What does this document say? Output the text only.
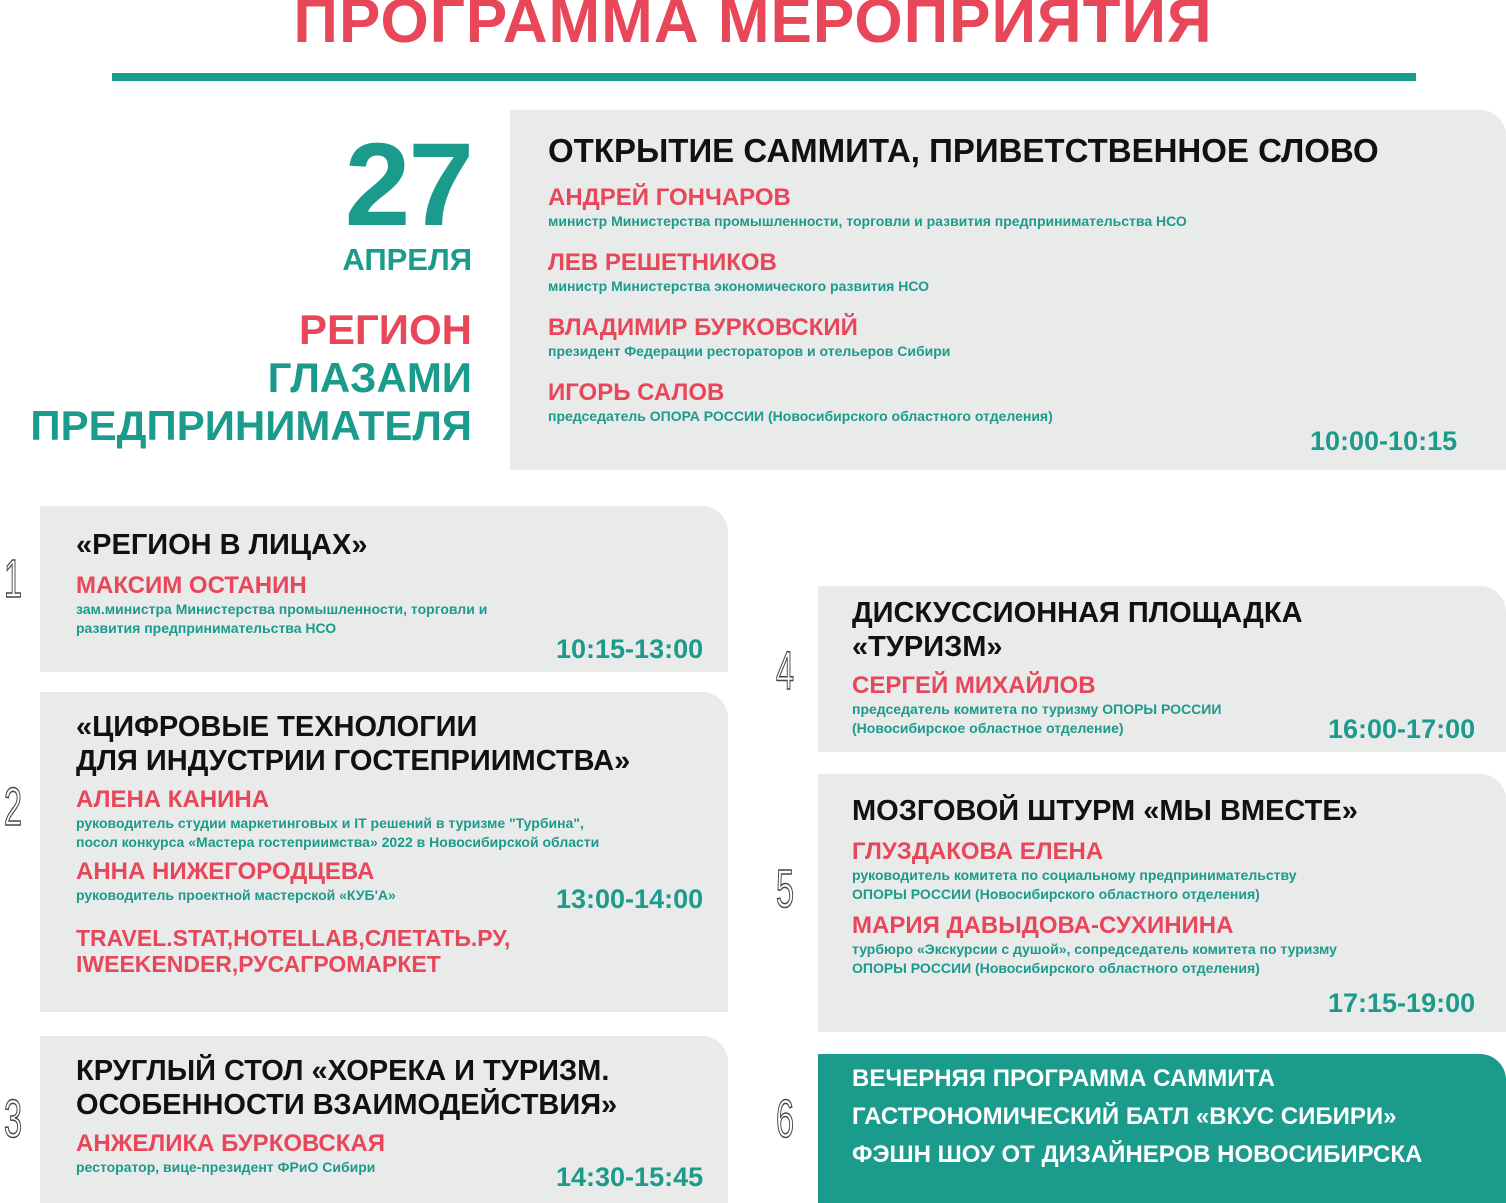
ПРОГРАММА МЕРОПРИЯТИЯ
27
АПРЕЛЯ
РЕГИОН
ГЛАЗАМИ
ПРЕДПРИНИМАТЕЛЯ
ОТКРЫТИЕ САММИТА, ПРИВЕТСТВЕННОЕ СЛОВО
АНДРЕЙ ГОНЧАРОВ
министр Министерства промышленности, торговли и развития предпринимательства НСО
ЛЕВ РЕШЕТНИКОВ
министр Министерства экономического развития НСО
ВЛАДИМИР БУРКОВСКИЙ
президент Федерации рестораторов и отельеров Сибири
ИГОРЬ САЛОВ
председатель ОПОРА РОССИИ (Новосибирского областного отделения)
10:00-10:15
1
«РЕГИОН В ЛИЦАХ»
МАКСИМ ОСТАНИН
зам.министра Министерства промышленности, торговли и
развития предпринимательства НСО
10:15-13:00
2
«ЦИФРОВЫЕ ТЕХНОЛОГИИ
ДЛЯ ИНДУСТРИИ ГОСТЕПРИИМСТВА»
АЛЕНА КАНИНА
руководитель студии маркетинговых и IT решений в туризме "Турбина",
посол конкурса «Мастера гостеприимства» 2022 в Новосибирской области
АННА НИЖЕГОРОДЦЕВА
руководитель проектной мастерской «КУБ'А»
TRAVEL.STAT,HOTELLAB,СЛЕТАТЬ.РУ,
IWEEKENDER,РУСАГРОМАРКЕТ
13:00-14:00
3
КРУГЛЫЙ СТОЛ «ХОРЕКА И ТУРИЗМ.
ОСОБЕННОСТИ ВЗАИМОДЕЙСТВИЯ»
АНЖЕЛИКА БУРКОВСКАЯ
ресторатор, вице-президент ФРиО Сибири	14:30-15:45
4
ДИСКУССИОННАЯ ПЛОЩАДКА
«ТУРИЗМ»
СЕРГЕЙ МИХАЙЛОВ
председатель комитета по туризму ОПОРЫ РОССИИ
(Новосибирское областное отделение)	16:00-17:00
5
МОЗГОВОЙ ШТУРМ «МЫ ВМЕСТЕ»
ГЛУЗДАКОВА ЕЛЕНА
руководитель комитета по социальному предпринимательству
ОПОРЫ РОССИИ (Новосибирского областного отделения)
МАРИЯ ДАВЫДОВА-СУХИНИНА
турбюро «Экскурсии с душой», сопредседатель комитета по туризму
ОПОРЫ РОССИИ (Новосибирского областного отделения)
17:15-19:00
6
ВЕЧЕРНЯЯ ПРОГРАММА САММИТА
ГАСТРОНОМИЧЕСКИЙ БАТЛ «ВКУС СИБИРИ»
ФЭШН ШОУ ОТ ДИЗАЙНЕРОВ НОВОСИБИРСКА
